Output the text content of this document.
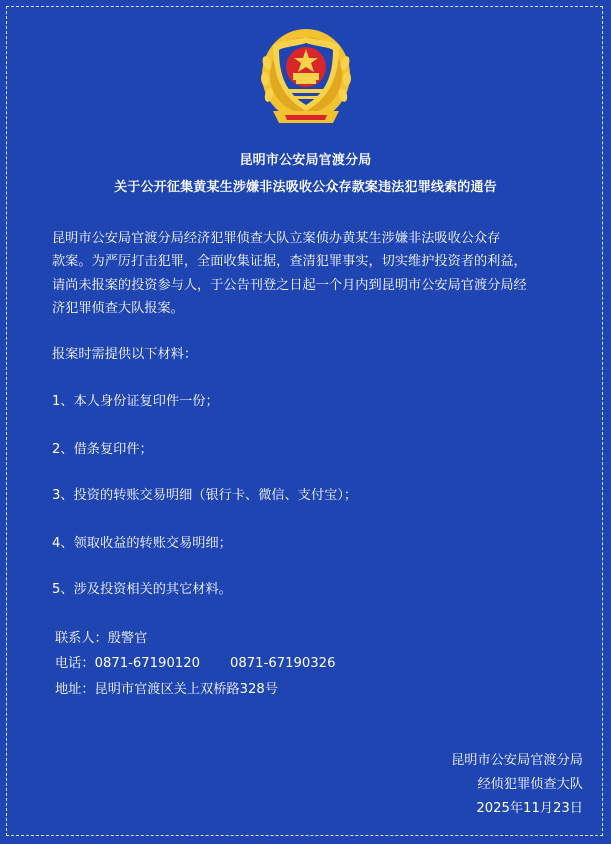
昆明市公安局官渡分局
关于公开征集黄某生涉嫌非法吸收公众存款案违法犯罪线索的通告
昆明市公安局官渡分局经济犯罪侦查大队立案侦办黄某生涉嫌非法吸收公众存
款案。为严厉打击犯罪，全面收集证据，查清犯罪事实，切实维护投资者的利益，
请尚未报案的投资参与人，于公告刊登之日起一个月内到昆明市公安局官渡分局经
济犯罪侦查大队报案。
报案时需提供以下材料：
1、本人身份证复印件一份；
2、借条复印件；
3、投资的转账交易明细（银行卡、微信、支付宝）；
4、领取收益的转账交易明细；
5、涉及投资相关的其它材料。
联系人：殷警官
电话：0871-67190120 0871-67190326
地址：昆明市官渡区关上双桥路328号
昆明市公安局官渡分局
经侦犯罪侦查大队
2025年11月23日
